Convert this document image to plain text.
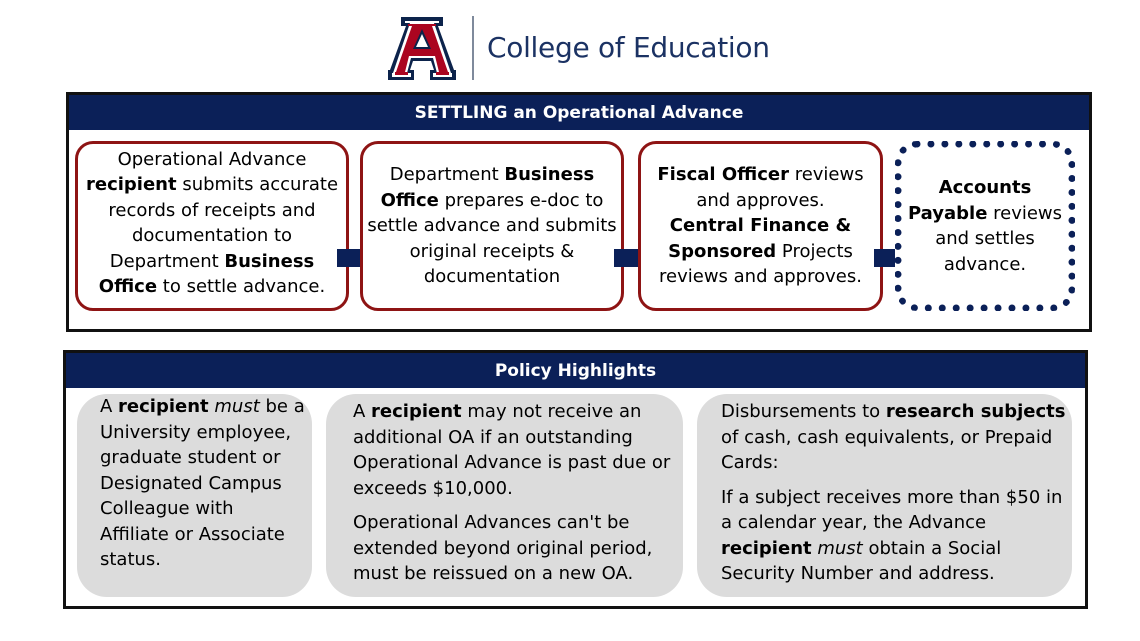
College of Education
SETTLING an Operational Advance
Operational Advance
recipient submits accurate records of receipts and documentation to Department Business Office to settle advance.
Department Business Office prepares e-doc to settle advance and submits original receipts & documentation
Fiscal Officer reviews and approves.
Central Finance & Sponsored Projects reviews and approves.
Accounts Payable reviews and settles advance.
Policy Highlights

A recipient must be a University employee, graduate student or Designated Campus Colleague with Affiliate or Associate status.

A recipient may not receive an additional OA if an outstanding Operational Advance is past due or exceeds $10,000.

Operational Advances can't be extended beyond original period, must be reissued on a new OA.

Disbursements to research subjects of cash, cash equivalents, or Prepaid Cards:

If a subject receives more than $50 in a calendar year, the Advance recipient must obtain a Social Security Number and address.
